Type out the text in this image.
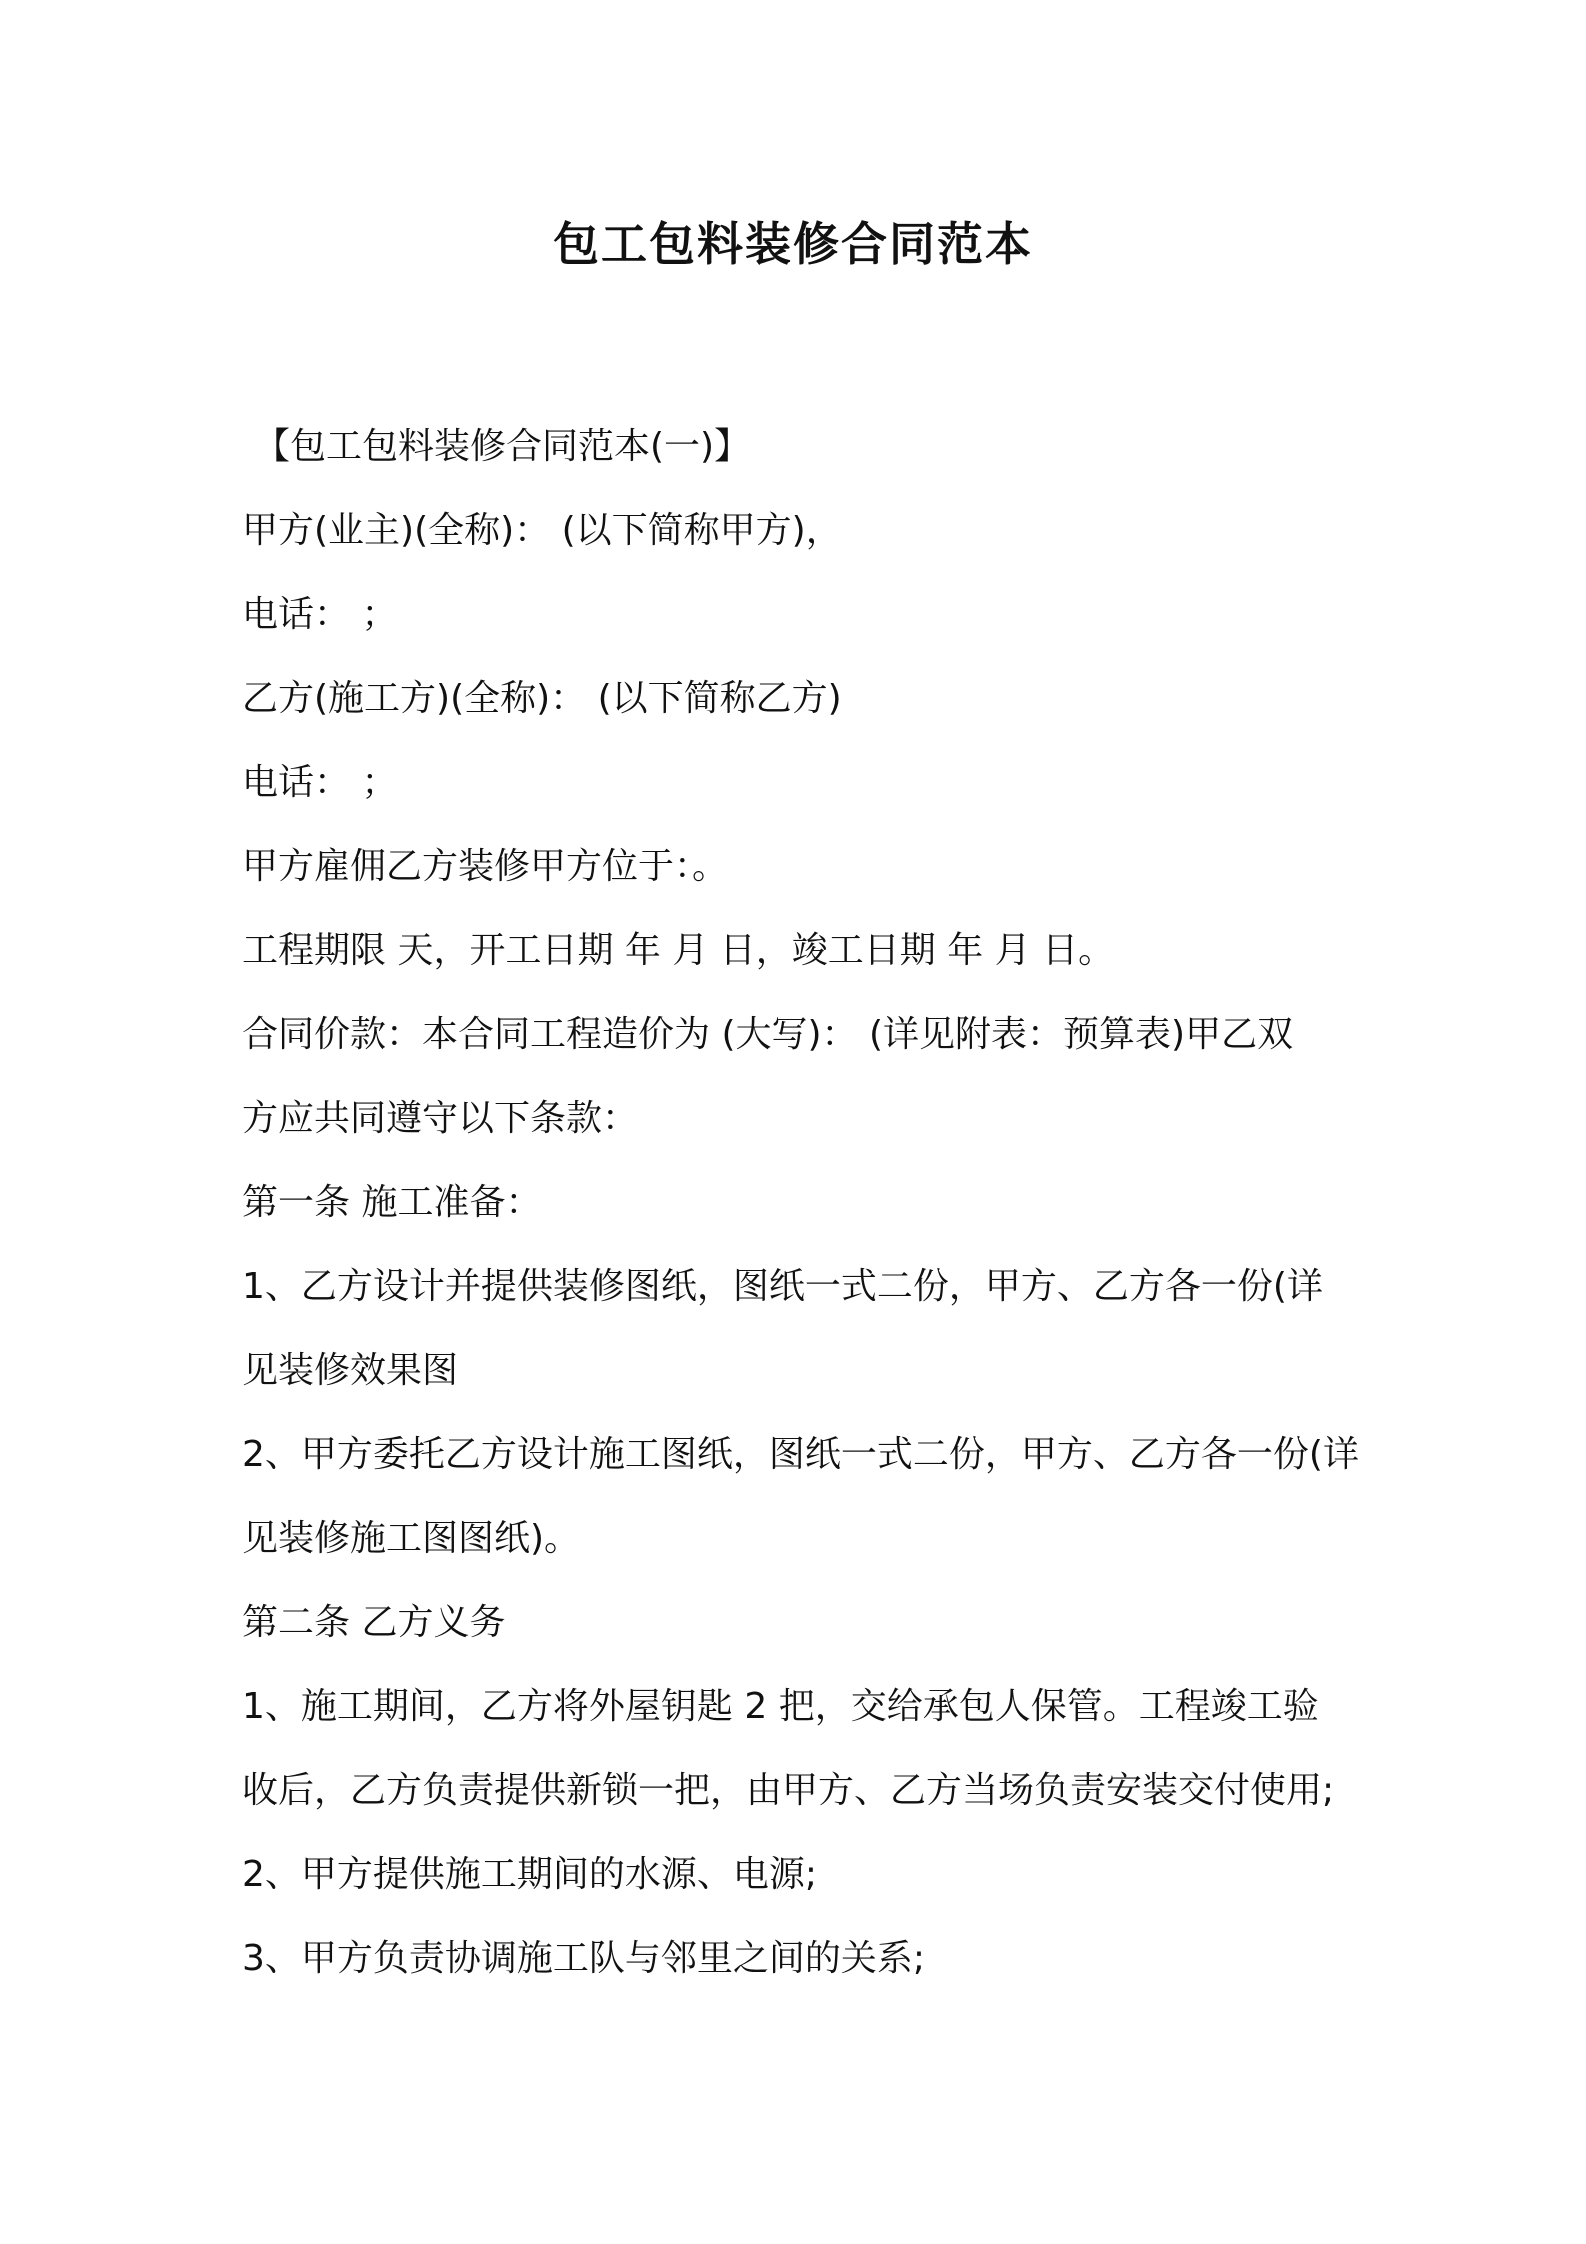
包工包料装修合同范本
【包工包料装修合同范本(一)】
甲方(业主)(全称)： (以下简称甲方)，
电话： ；
乙方(施工方)(全称)： (以下简称乙方)
电话： ；
甲方雇佣乙方装修甲方位于：。
工程期限 天，开工日期 年 月 日，竣工日期 年 月 日。
合同价款：本合同工程造价为 (大写)： (详见附表：预算表)甲乙双
方应共同遵守以下条款：
第一条 施工准备：
1、乙方设计并提供装修图纸，图纸一式二份，甲方、乙方各一份(详
见装修效果图
2、甲方委托乙方设计施工图纸，图纸一式二份，甲方、乙方各一份(详
见装修施工图图纸)。
第二条 乙方义务
1、施工期间，乙方将外屋钥匙 2 把，交给承包人保管。工程竣工验
收后，乙方负责提供新锁一把，由甲方、乙方当场负责安装交付使用;
2、甲方提供施工期间的水源、电源;
3、甲方负责协调施工队与邻里之间的关系;
